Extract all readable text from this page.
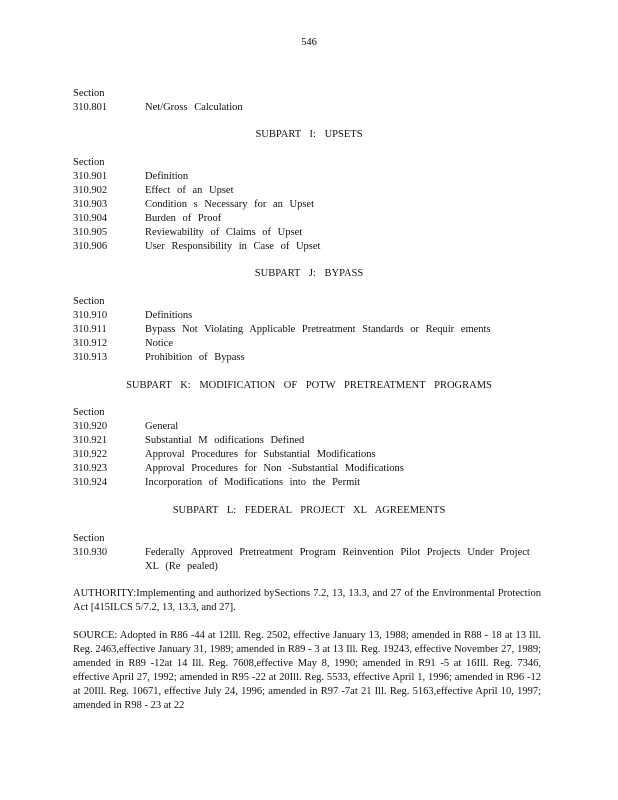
546
Section
310.801	Net/Gross Calculation
SUBPART I: UPSETS
Section
310.901	Definition
310.902	Effect of an Upset
310.903	Condition s Necessary for an Upset
310.904	Burden of Proof
310.905	Reviewability of Claims of Upset
310.906	User Responsibility in Case of Upset
SUBPART J: BYPASS
Section
310.910	Definitions
310.911	Bypass Not Violating Applicable Pretreatment Standards or Requir ements
310.912	Notice
310.913	Prohibition of Bypass
SUBPART K: MODIFICATION OF POTW PRETREATMENT PROGRAMS
Section
310.920	General
310.921	Substantial M odifications Defined
310.922	Approval Procedures for Substantial Modifications
310.923	Approval Procedures for Non -Substantial Modifications
310.924	Incorporation of Modifications into the Permit
SUBPART L: FEDERAL PROJECT XL AGREEMENTS
Section
310.930	Federally Approved Pretreatment Program Reinvention Pilot Projects Under Project XL (Re pealed)
AUTHORITY:Implementing and authorized bySections 7.2, 13, 13.3, and 27 of the Environmental Protection Act [415ILCS 5/7.2, 13, 13.3, and 27].
SOURCE: Adopted in R86 -44 at 12Ill. Reg. 2502, effective January 13, 1988; amended in R88 - 18 at 13 Ill. Reg. 2463,effective January 31, 1989; amended in R89 - 3 at 13 Ill. Reg. 19243, effective November 27, 1989; amended in R89 -12at 14 Ill. Reg. 7608,effective May 8, 1990; amended in R91 -5 at 16Ill. Reg. 7346, effective April 27, 1992; amended in R95 -22 at 20Ill. Reg. 5533, effective April 1, 1996; amended in R96 -12 at 20Ill. Reg. 10671, effective July 24, 1996; amended in R97 -7at 21 Ill. Reg. 5163,effective April 10, 1997; amended in R98 - 23 at 22
